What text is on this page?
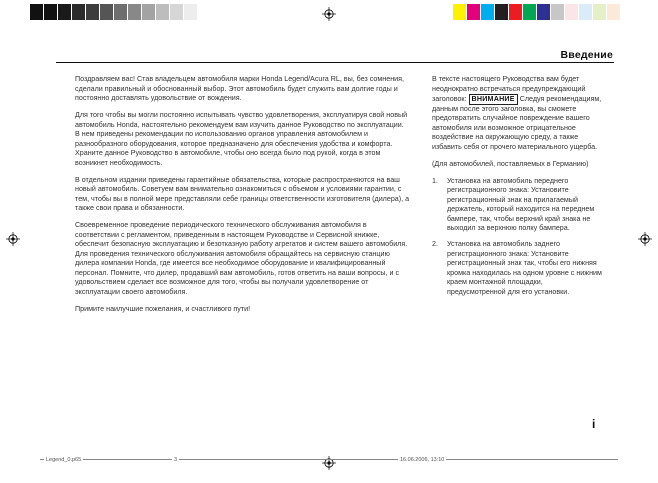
Введение

Поздравляем вас! Став владельцем автомобиля марки Honda Legend/Acura RL, вы, без сомнения, сделали правильный и обоснованный выбор. Этот автомобиль будет служить вам долгие годы и постоянно доставлять удовольствие от вождения.

Для того чтобы вы могли постоянно испытывать чувство удовлетворения, эксплуатируя свой новый автомобиль Honda, настоятельно рекомендуем вам изучить данное Руководство по эксплуатации. В нем приведены рекомендации по использованию органов управления автомобилем и разнообразного оборудования, которое предназначено для обеспечения удобства и комфорта. Храните данное Руководство в автомобиле, чтобы оно всегда было под рукой, когда в этом возникнет необходимость.

В отдельном издании приведены гарантийные обязательства, которые распространяются на ваш новый автомобиль. Советуем вам внимательно ознакомиться с объемом и условиями гарантии, с тем, чтобы вы в полной мере представляли себе границы ответственности изготовителя (дилера), а также свои права и обязанности.

Своевременное проведение периодического технического обслуживания автомобиля в соответствии с регламентом, приведенным в настоящем Руководстве и Сервисной книжке, обеспечит безопасную эксплуатацию и безотказную работу агрегатов и систем вашего автомобиля. Для проведения технического обслуживания автомобиля обращайтесь на сервисную станцию дилера компании Honda, где имеется все необходимое оборудование и квалифицированный персонал. Помните, что дилер, продавший вам автомобиль, готов ответить на ваши вопросы, и с удовольствием сделает все возможное для того, чтобы вы получали удовлетворение от эксплуатации своего автомобиля.

Примите наилучшие пожелания, и счастливого пути!

В тексте настоящего Руководства вам будет неоднократно встречаться предупреждающий заголовок: ВНИМАНИЕ Следуя рекомендациям, данным после этого заголовка, вы сможете предотвратить случайное повреждение вашего автомобиля или возможное отрицательное воздействие на окружающую среду, а также избавить себя от прочего материального ущерба.

(Для автомобилей, поставляемых в Германию)

1.	Установка на автомобиль переднего регистрационного знака: Установите регистрационный знак на прилагаемый держатель, который находится на переднем бампере, так, чтобы верхний край знака не выходил за верхнюю полку бампера.
2.	Установка на автомобиль заднего регистрационного знака: Установите регистрационный знак так, чтобы его нижняя кромка находилась на одном уровне с нижним краем монтажной площадки, предусмотренной для его установки.
i
Legend_0.p65	3	16.06.2006, 13:10
